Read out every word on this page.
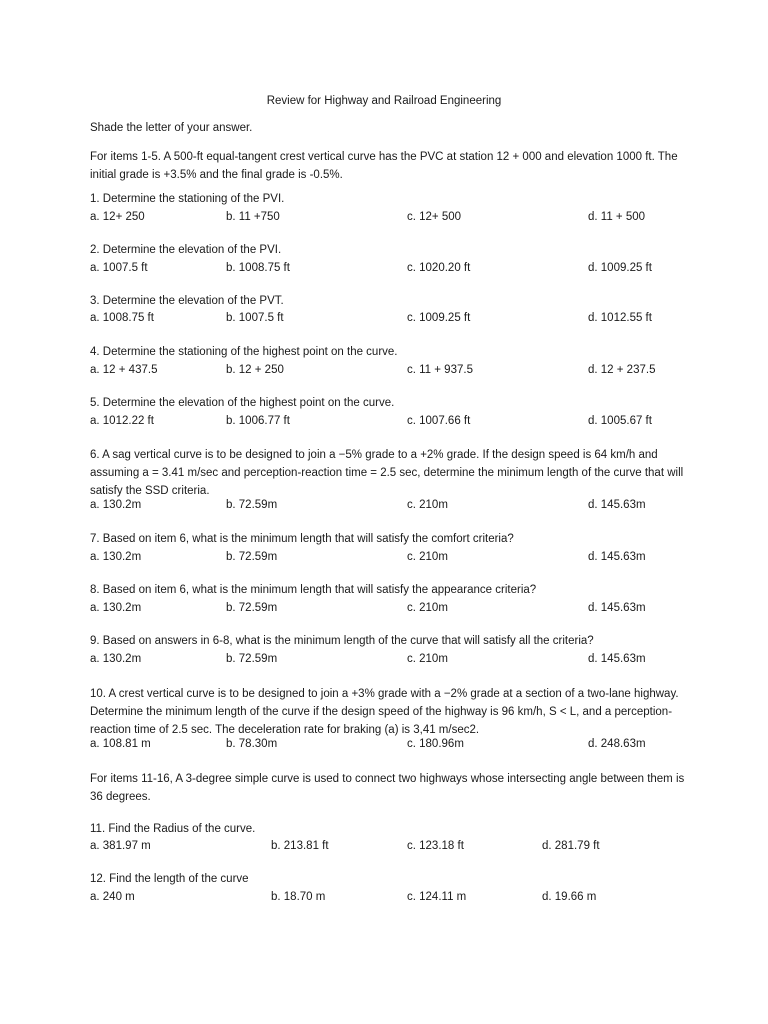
Review for Highway and Railroad Engineering
Shade the letter of your answer.
For items 1-5. A 500-ft equal-tangent crest vertical curve has the PVC at station 12 + 000 and elevation 1000 ft. The initial grade is +3.5% and the final grade is -0.5%.
1. Determine the stationing of the PVI.
a. 12+ 250	b. 11 +750	c. 12+ 500	d. 11 + 500
2. Determine the elevation of the PVI.
a. 1007.5 ft	b. 1008.75 ft	c. 1020.20 ft	d. 1009.25 ft
3. Determine the elevation of the PVT.
a. 1008.75 ft	b. 1007.5 ft	c. 1009.25 ft	d. 1012.55 ft
4. Determine the stationing of the highest point on the curve.
a. 12 + 437.5	b. 12 + 250	c. 11 + 937.5	d. 12 + 237.5
5. Determine the elevation of the highest point on the curve.
a. 1012.22 ft	b. 1006.77 ft	c. 1007.66 ft	d. 1005.67 ft
6. A sag vertical curve is to be designed to join a −5% grade to a +2% grade. If the design speed is 64 km/h and assuming a = 3.41 m/sec and perception-reaction time = 2.5 sec, determine the minimum length of the curve that will satisfy the SSD criteria.
a. 130.2m	b. 72.59m	c. 210m	d. 145.63m
7. Based on item 6, what is the minimum length that will satisfy the comfort criteria?
a. 130.2m	b. 72.59m	c. 210m	d. 145.63m
8. Based on item 6, what is the minimum length that will satisfy the appearance criteria?
a. 130.2m	b. 72.59m	c. 210m	d. 145.63m
9. Based on answers in 6-8, what is the minimum length of the curve that will satisfy all the criteria?
a. 130.2m	b. 72.59m	c. 210m	d. 145.63m
10. A crest vertical curve is to be designed to join a +3% grade with a −2% grade at a section of a two-lane highway. Determine the minimum length of the curve if the design speed of the highway is 96 km/h, S < L, and a perception-reaction time of 2.5 sec. The deceleration rate for braking (a) is 3,41 m/sec2.
a. 108.81 m	b. 78.30m	c. 180.96m	d. 248.63m
For items 11-16, A 3-degree simple curve is used to connect two highways whose intersecting angle between them is 36 degrees.
11. Find the Radius of the curve.
a. 381.97 m	b. 213.81 ft	c. 123.18 ft	d. 281.79 ft
12. Find the length of the curve
a. 240 m	b. 18.70 m	c. 124.11 m	d. 19.66 m
